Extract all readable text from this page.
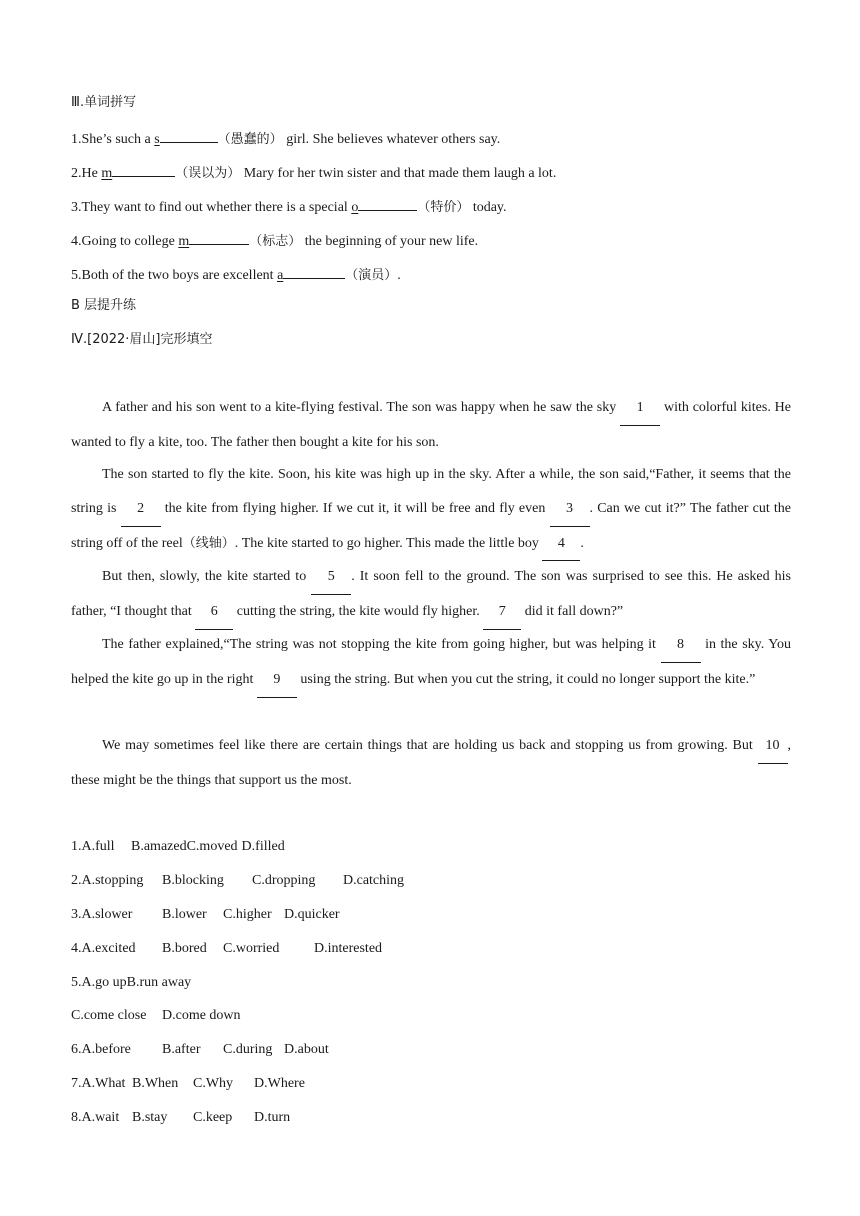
Ⅲ.单词拼写
1.She’s such a s	（愚蠢的） girl. She believes whatever others say.
2.He m	（误以为） Mary for her twin sister and that made them laugh a lot.
3.They want to find out whether there is a special o	（特价） today.
4.Going to college m	（标志） the beginning of your new life.
5.Both of the two boys are excellent a	（演员）.
B 层提升练
Ⅳ.[2022·眉山]完形填空
A father and his son went to a kite-flying festival. The son was happy when he saw the sky 1 with colorful kites. He wanted to fly a kite, too. The father then bought a kite for his son.
The son started to fly the kite. Soon, his kite was high up in the sky. After a while, the son said,“Father, it seems that the string is 2 the kite from flying higher. If we cut it, it will be free and fly even 3 . Can we cut it?” The father cut the string off of the reel（线轴）. The kite started to go higher. This made the little boy 4 .
But then, slowly, the kite started to 5 . It soon fell to the ground. The son was surprised to see this. He asked his father, “I thought that 6 cutting the string, the kite would fly higher. 7 did it fall down?”
The father explained,“The string was not stopping the kite from going higher, but was helping it 8 in the sky. You helped the kite go up in the right 9 using the string. But when you cut the string, it could no longer support the kite.”
We may sometimes feel like there are certain things that are holding us back and stopping us from growing. But 10 , these might be the things that support us the most.
1.A.full B.amazedC.moved D.filled
2.A.stopping B.blocking C.dropping D.catching
3.A.slower B.lower C.higher D.quicker
4.A.excited B.bored C.worried D.interested
5.A.go upB.run away
C.come close D.come down
6.A.before B.after C.during D.about
7.A.What B.When C.Why D.Where
8.A.wait B.stay C.keep D.turn
